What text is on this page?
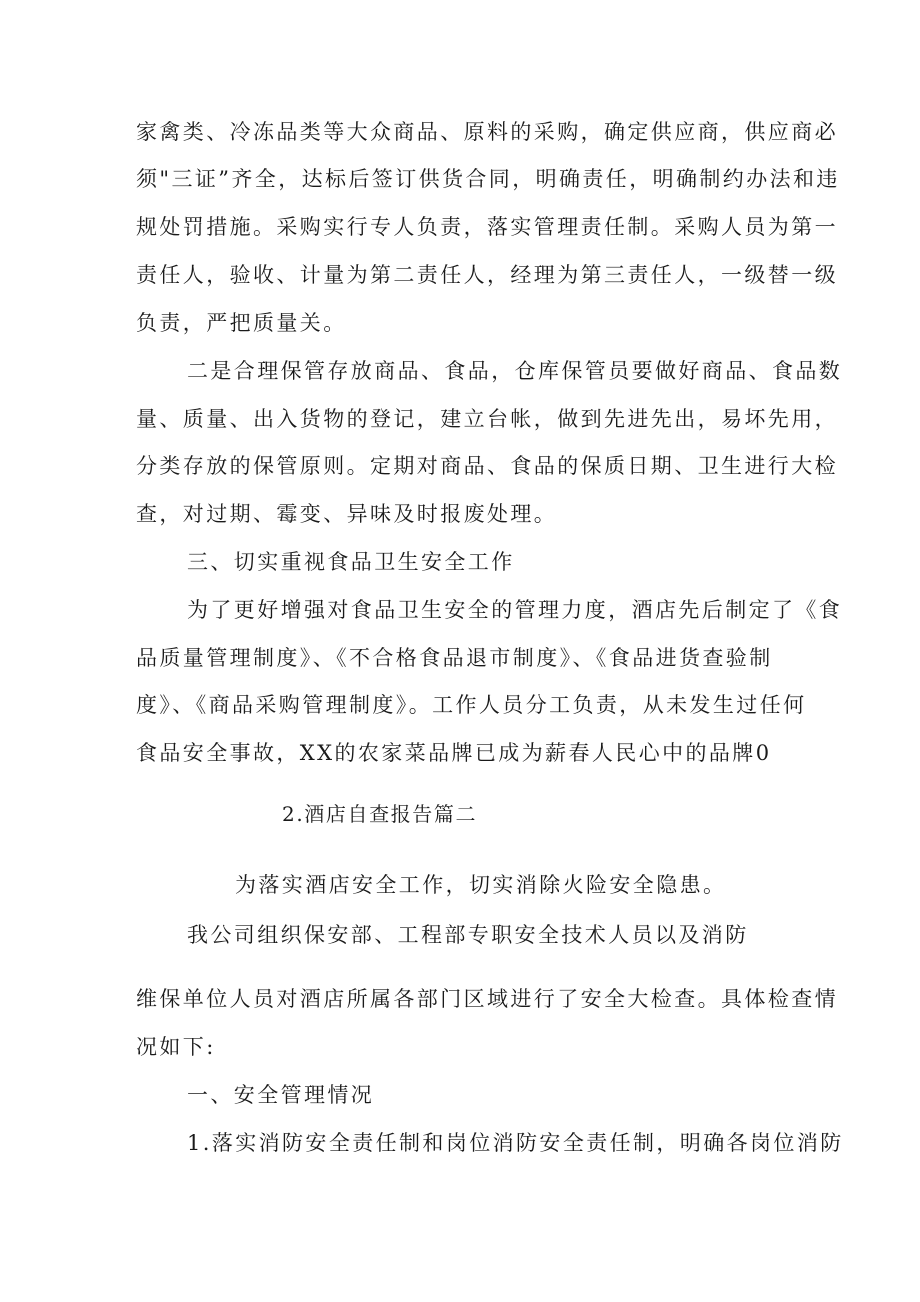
家禽类、冷冻品类等大众商品、原料的采购，确定供应商，供应商必
须"三证”齐全，达标后签订供货合同，明确责任，明确制约办法和违
规处罚措施。采购实行专人负责，落实管理责任制。采购人员为第一
责任人，验收、计量为第二责任人，经理为第三责任人，一级替一级
负责，严把质量关。
二是合理保管存放商品、食品，仓库保管员要做好商品、食品数
量、质量、出入货物的登记，建立台帐，做到先进先出，易坏先用，
分类存放的保管原则。定期对商品、食品的保质日期、卫生进行大检
查，对过期、霉变、异味及时报废处理。
三、切实重视食品卫生安全工作
为了更好增强对食品卫生安全的管理力度，酒店先后制定了《食
品质量管理制度》、《不合格食品退市制度》、《食品进货查验制
度》、《商品采购管理制度》。工作人员分工负责，从未发生过任何
食品安全事故，XX的农家菜品牌已成为薪春人民心中的品牌0
2.酒店自查报告篇二
为落实酒店安全工作，切实消除火险安全隐患。
我公司组织保安部、工程部专职安全技术人员以及消防
维保单位人员对酒店所属各部门区域进行了安全大检查。具体检查情
况如下:
一、安全管理情况
1.落实消防安全责任制和岗位消防安全责任制，明确各岗位消防
